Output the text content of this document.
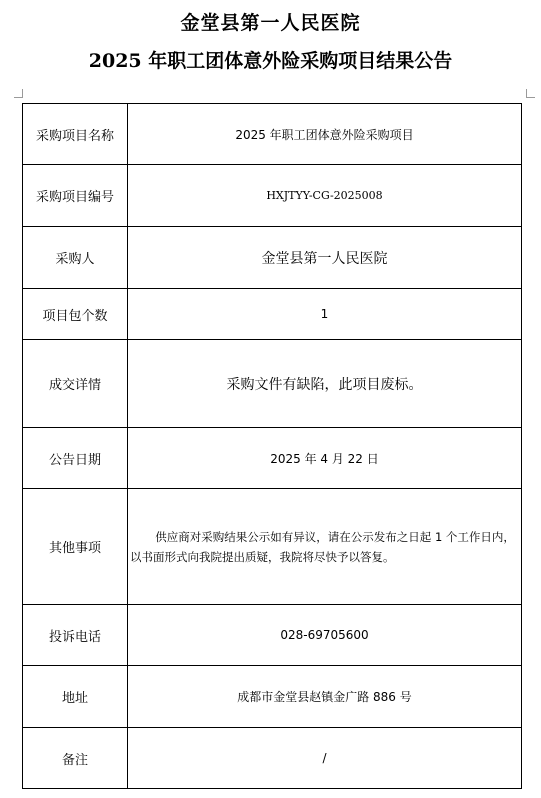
金堂县第一人民医院
2025 年职工团体意外险采购项目结果公告
采购项目名称	2025 年职工团体意外险采购项目
采购项目编号	HXJTYY-CG-2025008
采购人	金堂县第一人民医院
项目包个数	1
成交详情	采购文件有缺陷，此项目废标。
公告日期	2025 年 4 月 22 日
其他事项	供应商对采购结果公示如有异议，请在公示发布之日起 1 个工作日内，以书面形式向我院提出质疑，我院将尽快予以答复。

投诉电话	028-69705600
地址	成都市金堂县赵镇金广路 886 号
备注	/
